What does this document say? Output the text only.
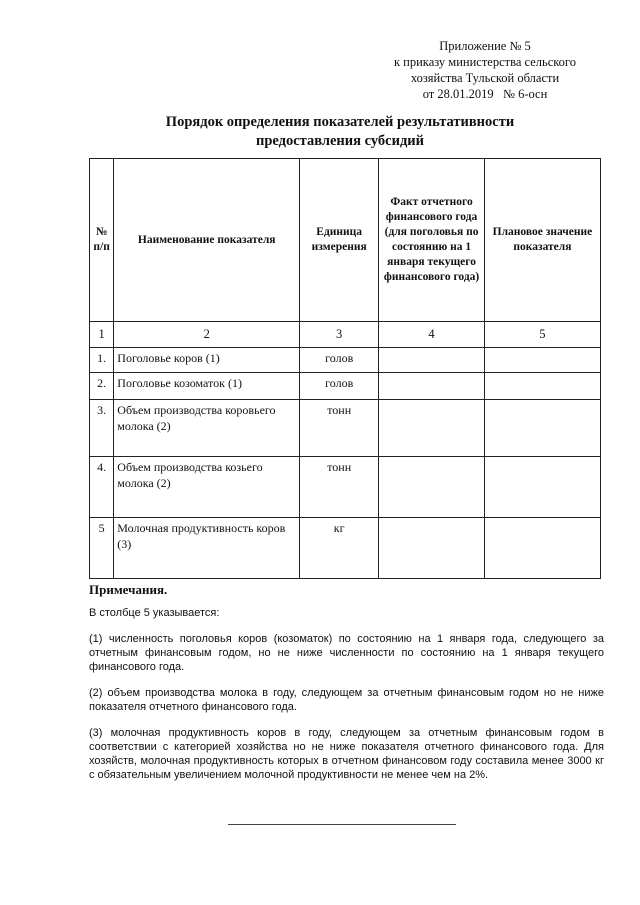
Приложение № 5
к приказу министерства сельского
хозяйства Тульской области
от 28.01.2019   № 6-осн
Порядок определения показателей результативности
предоставления субсидий
№ п/п	Наименование показателя	Единица измерения	Факт отчетного финансового года (для поголовья по состоянию на 1 января текущего финансового года)	Плановое значение показателя
1	2	3	4	5
1.	Поголовье коров (1)	голов		
2.	Поголовье козоматок (1)	голов		
3.	Объем производства коровьего молока (2)	тонн		
4.	Объем производства козьего молока (2)	тонн		
5	Молочная продуктивность коров (3)	кг		
Примечания.

В столбце 5 указывается:

(1) численность поголовья коров (козоматок) по состоянию на 1 января года, следующего за отчетным финансовым годом, но не ниже численности по состоянию на 1 января текущего финансового года.

(2) объем производства молока в году, следующем за отчетным финансовым годом но не ниже показателя отчетного финансового года.

(3) молочная продуктивность коров в году, следующем за отчетным финансовым годом в соответствии с категорией хозяйства но не ниже показателя отчетного финансового года. Для хозяйств, молочная продуктивность которых в отчетном финансовом году составила менее 3000 кг с обязательным увеличением молочной продуктивности не менее чем на 2%.
